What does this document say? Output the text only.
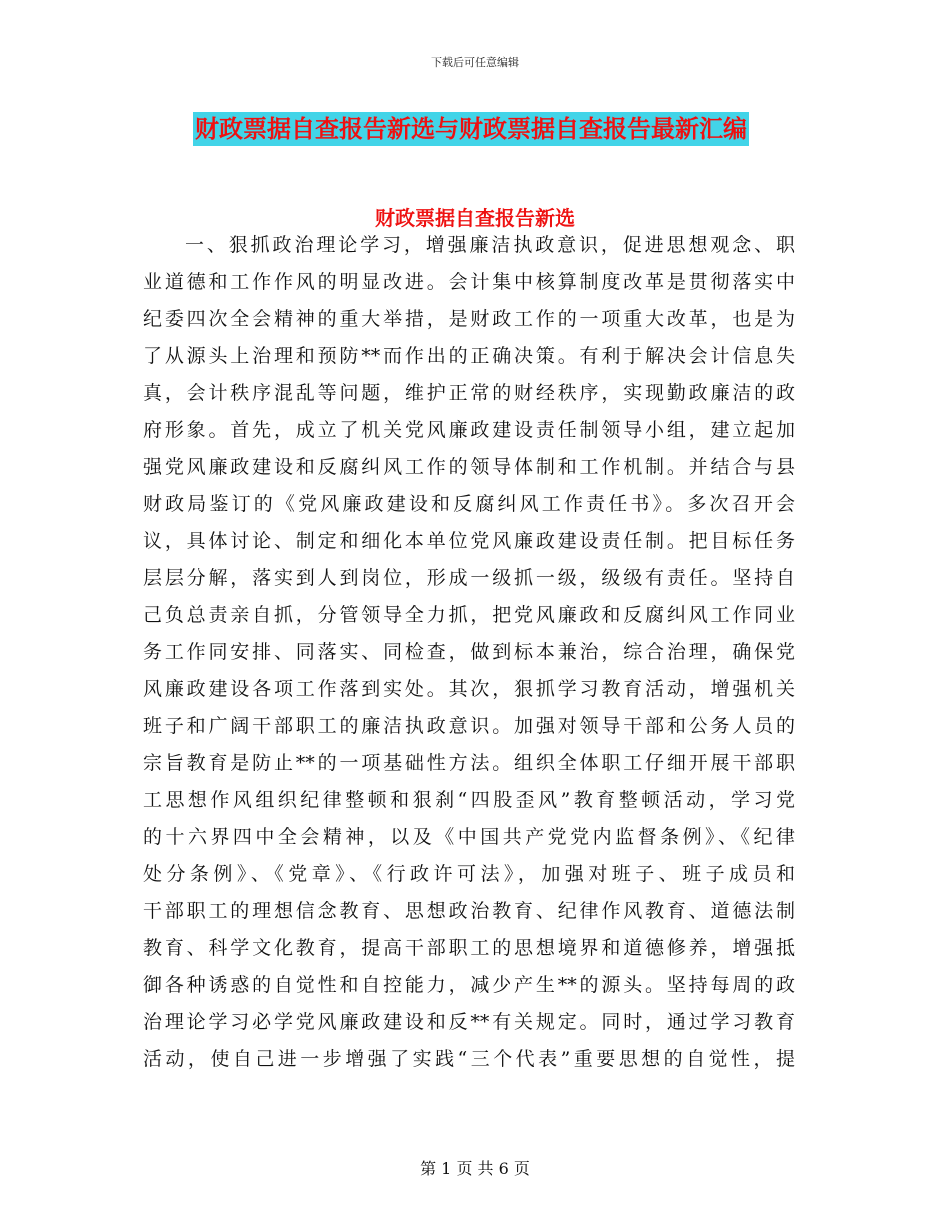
下载后可任意编辑
财政票据自查报告新选与财政票据自查报告最新汇编
财政票据自查报告新选
一、狠抓政治理论学习，增强廉洁执政意识，促进思想观念、职
业道德和工作作风的明显改进。会计集中核算制度改革是贯彻落实中
纪委四次全会精神的重大举措，是财政工作的一项重大改革，也是为
了从源头上治理和预防**而作出的正确决策。有利于解决会计信息失
真，会计秩序混乱等问题，维护正常的财经秩序，实现勤政廉洁的政
府形象。首先，成立了机关党风廉政建设责任制领导小组，建立起加
强党风廉政建设和反腐纠风工作的领导体制和工作机制。并结合与县
财政局鉴订的《党风廉政建设和反腐纠风工作责任书》。多次召开会
议，具体讨论、制定和细化本单位党风廉政建设责任制。把目标任务
层层分解，落实到人到岗位，形成一级抓一级，级级有责任。坚持自
己负总责亲自抓，分管领导全力抓，把党风廉政和反腐纠风工作同业
务工作同安排、同落实、同检查，做到标本兼治，综合治理，确保党
风廉政建设各项工作落到实处。其次，狠抓学习教育活动，增强机关
班子和广阔干部职工的廉洁执政意识。加强对领导干部和公务人员的
宗旨教育是防止**的一项基础性方法。组织全体职工仔细开展干部职
工思想作风组织纪律整顿和狠刹“四股歪风”教育整顿活动，学习党
的十六界四中全会精神，以及《中国共产党党内监督条例》、《纪律
处分条例》、《党章》、《行政许可法》，加强对班子、班子成员和
干部职工的理想信念教育、思想政治教育、纪律作风教育、道德法制
教育、科学文化教育，提高干部职工的思想境界和道德修养，增强抵
御各种诱惑的自觉性和自控能力，减少产生**的源头。坚持每周的政
治理论学习必学党风廉政建设和反**有关规定。同时，通过学习教育
活动，使自己进一步增强了实践“三个代表”重要思想的自觉性，提
第 1 页 共 6 页
